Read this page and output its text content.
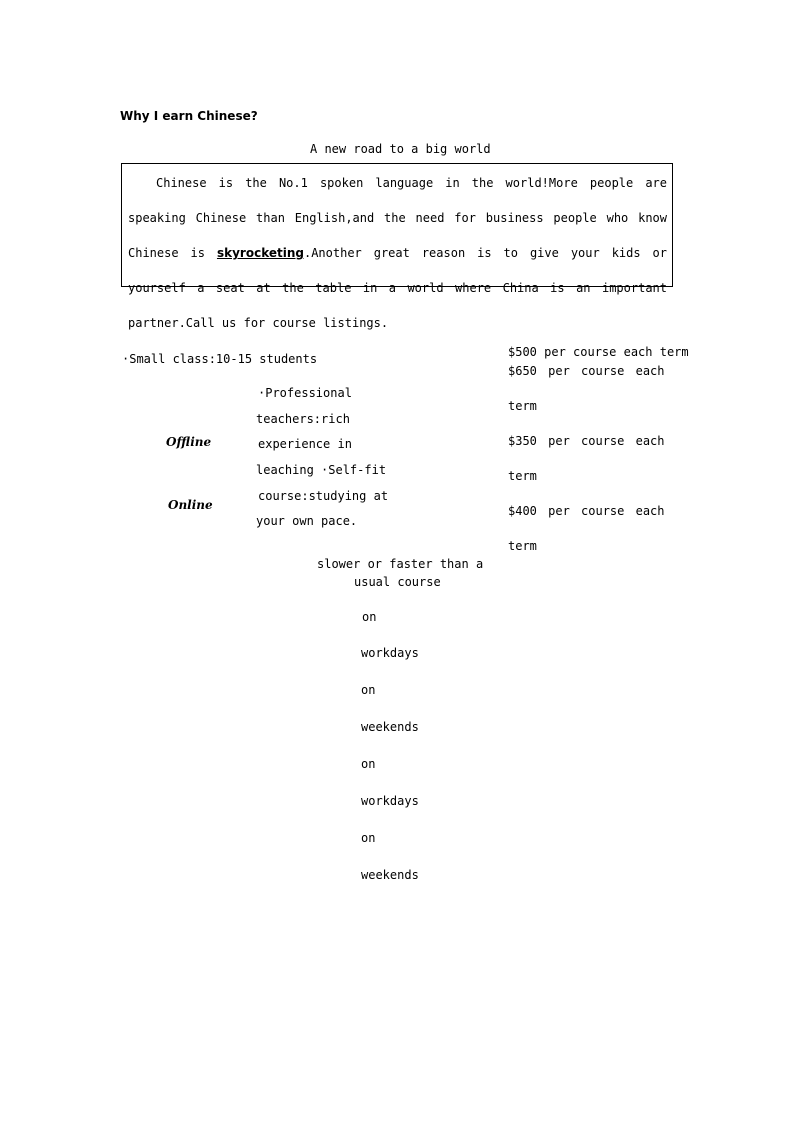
Why I earn Chinese?
A new road to a big world
Chinese is the No.1 spoken language in the world!More people are
speaking Chinese than English,and the need for business people who know
Chinese is skyrocketing.Another great reason is to give your kids or
yourself a seat at the table in a world where China is an important
partner.Call us for course listings.
·Small class:10-15 students
·Professional
teachers:rich
experience in
leaching ·Self-fit
course:studying at
your own pace.
slower or faster than a
usual course
Offline
Online
on
workdays
on
weekends
on
workdays
on
weekends
$500 per course each term
$650 per course each
term
$350 per course each
term
$400 per course each
term
